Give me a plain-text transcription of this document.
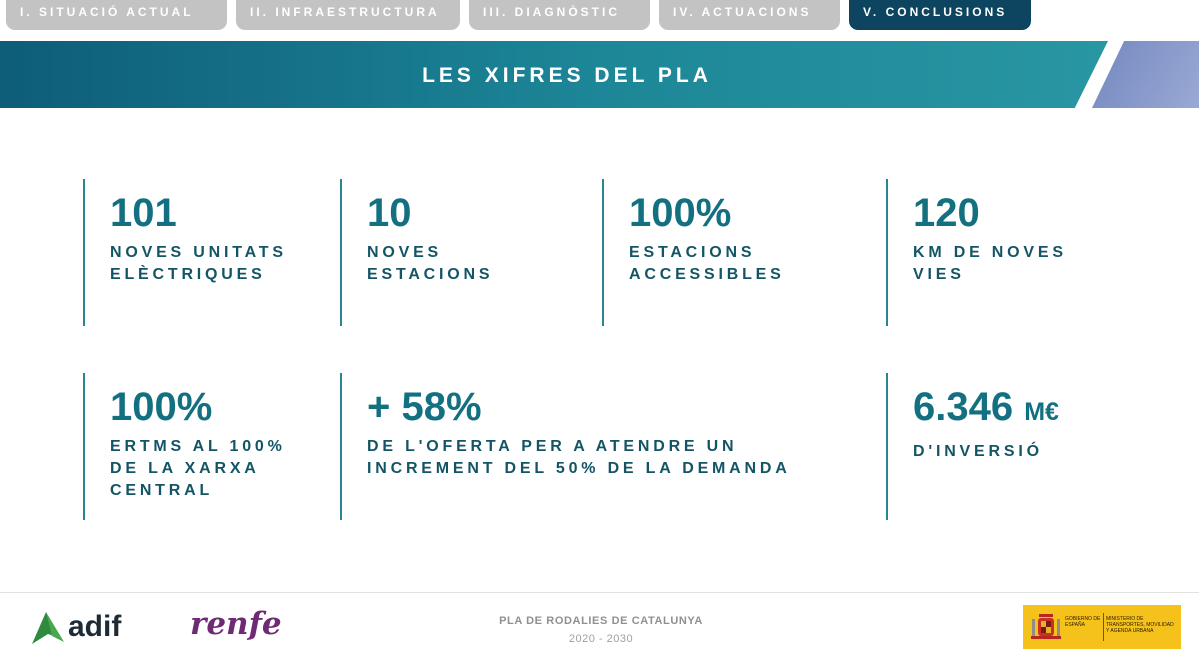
I. SITUACIÓ ACTUAL	II. INFRAESTRUCTURA	III. DIAGNÒSTIC	IV. ACTUACIONS	V. CONCLUSIONS
LES XIFRES DEL PLA
101
NOVES UNITATS ELÈCTRIQUES
10
NOVES ESTACIONS
100%
ESTACIONS ACCESSIBLES
120
KM DE NOVES VIES
100%
ERTMS AL 100% DE LA XARXA CENTRAL
+ 58%
DE L'OFERTA PER A ATENDRE UN INCREMENT DEL 50% DE LA DEMANDA
6.346 M€
D'INVERSIÓ
adif renfe	PLA DE RODALIES DE CATALUNYA
2020 - 2030
GOBIERNO DE ESPAÑA
MINISTERIO DE TRANSPORTES, MOVILIDAD Y AGENDA URBANA
